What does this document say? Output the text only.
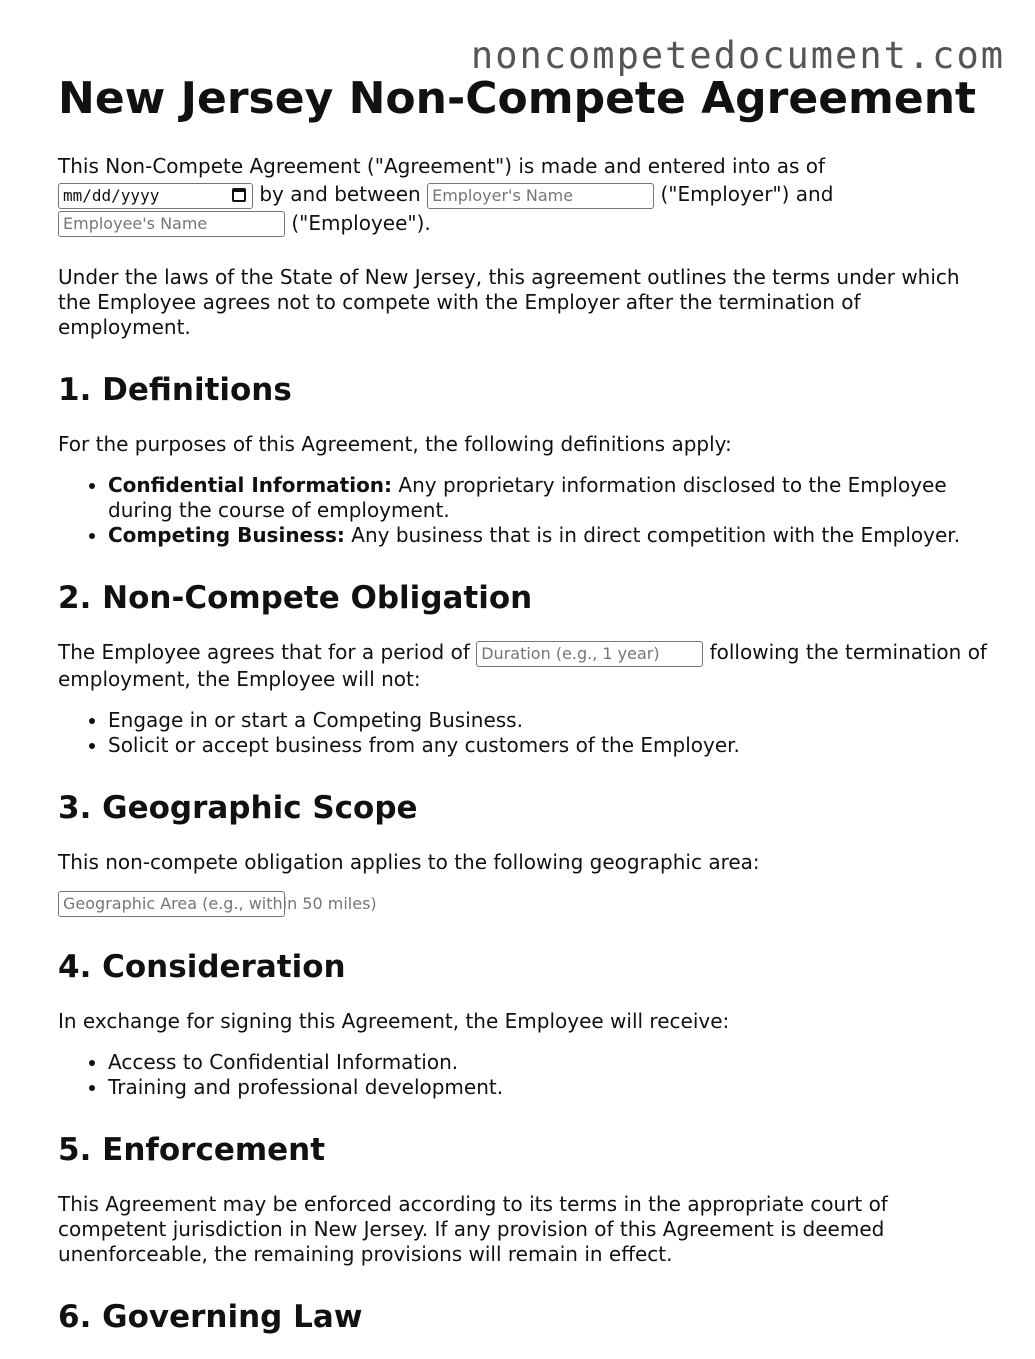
noncompetedocument.com
New Jersey Non-Compete Agreement

This Non-Compete Agreement ("Agreement") is made and entered into as of
mm/dd/yyyy	by and between Employer's Name	("Employer") and
Employee's Name	("Employee").

Under the laws of the State of New Jersey, this agreement outlines the terms under which the Employee agrees not to compete with the Employer after the termination of employment.

1. Definitions

For the purposes of this Agreement, the following definitions apply:

• Confidential Information: Any proprietary information disclosed to the Employee during the course of employment.
• Competing Business: Any business that is in direct competition with the Employer.
2. Non-Compete Obligation

The Employee agrees that for a period of Duration (e.g., 1 year) following the termination of employment, the Employee will not:

• Engage in or start a Competing Business.
• Solicit or accept business from any customers of the Employer.
3. Geographic Scope

This non-compete obligation applies to the following geographic area:

Geographic Area (e.g., within 50 miles)
4. Consideration

In exchange for signing this Agreement, the Employee will receive:

• Access to Confidential Information.
• Training and professional development.
5. Enforcement

This Agreement may be enforced according to its terms in the appropriate court of competent jurisdiction in New Jersey. If any provision of this Agreement is deemed unenforceable, the remaining provisions will remain in effect.

6. Governing Law
